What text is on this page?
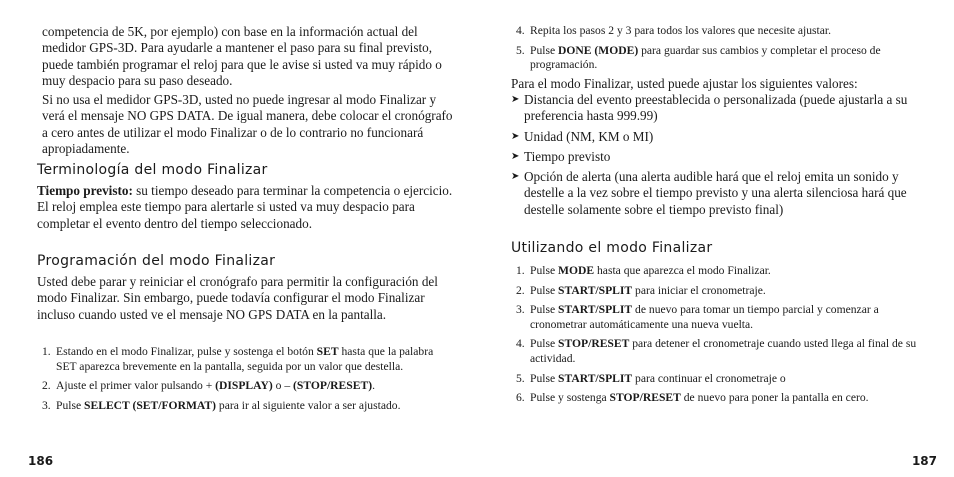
competencia de 5K, por ejemplo) con base en la información actual del medidor GPS-3D. Para ayudarle a mantener el paso para su final previsto, puede también programar el reloj para que le avise si usted va muy rápido o muy despacio para su paso deseado.

Si no usa el medidor GPS-3D, usted no puede ingresar al modo Finalizar y verá el mensaje NO GPS DATA. De igual manera, debe colocar el cronógrafo a cero antes de utilizar el modo Finalizar o de lo contrario no funcionará apropiadamente.

Terminología del modo Finalizar

Tiempo previsto: su tiempo deseado para terminar la competencia o ejercicio. El reloj emplea este tiempo para alertarle si usted va muy despacio para completar el evento dentro del tiempo seleccionado.

Programación del modo Finalizar

Usted debe parar y reiniciar el cronógrafo para permitir la configuración del modo Finalizar. Sin embargo, puede todavía configurar el modo Finalizar incluso cuando usted ve el mensaje NO GPS DATA en la pantalla.

1. Estando en el modo Finalizar, pulse y sostenga el botón SET hasta que la palabra SET aparezca brevemente en la pantalla, seguida por un valor que destella.
2. Ajuste el primer valor pulsando + (DISPLAY) o – (STOP/RESET).
3. Pulse SELECT (SET/FORMAT) para ir al siguiente valor a ser ajustado.
186
4. Repita los pasos 2 y 3 para todos los valores que necesite ajustar.
5. Pulse DONE (MODE) para guardar sus cambios y completar el proceso de programación.

Para el modo Finalizar, usted puede ajustar los siguientes valores:

➤ Distancia del evento preestablecida o personalizada (puede ajustarla a su preferencia hasta 999.99)
➤ Unidad (NM, KM o MI)
➤ Tiempo previsto
➤ Opción de alerta (una alerta audible hará que el reloj emita un sonido y destelle a la vez sobre el tiempo previsto y una alerta silenciosa hará que destelle solamente sobre el tiempo previsto final)
Utilizando el modo Finalizar
1. Pulse MODE hasta que aparezca el modo Finalizar.
2. Pulse START/SPLIT para iniciar el cronometraje.
3. Pulse START/SPLIT de nuevo para tomar un tiempo parcial y comenzar a cronometrar automáticamente una nueva vuelta.
4. Pulse STOP/RESET para detener el cronometraje cuando usted llega al final de su actividad.
5. Pulse START/SPLIT para continuar el cronometraje o
6. Pulse y sostenga STOP/RESET de nuevo para poner la pantalla en cero.
187
